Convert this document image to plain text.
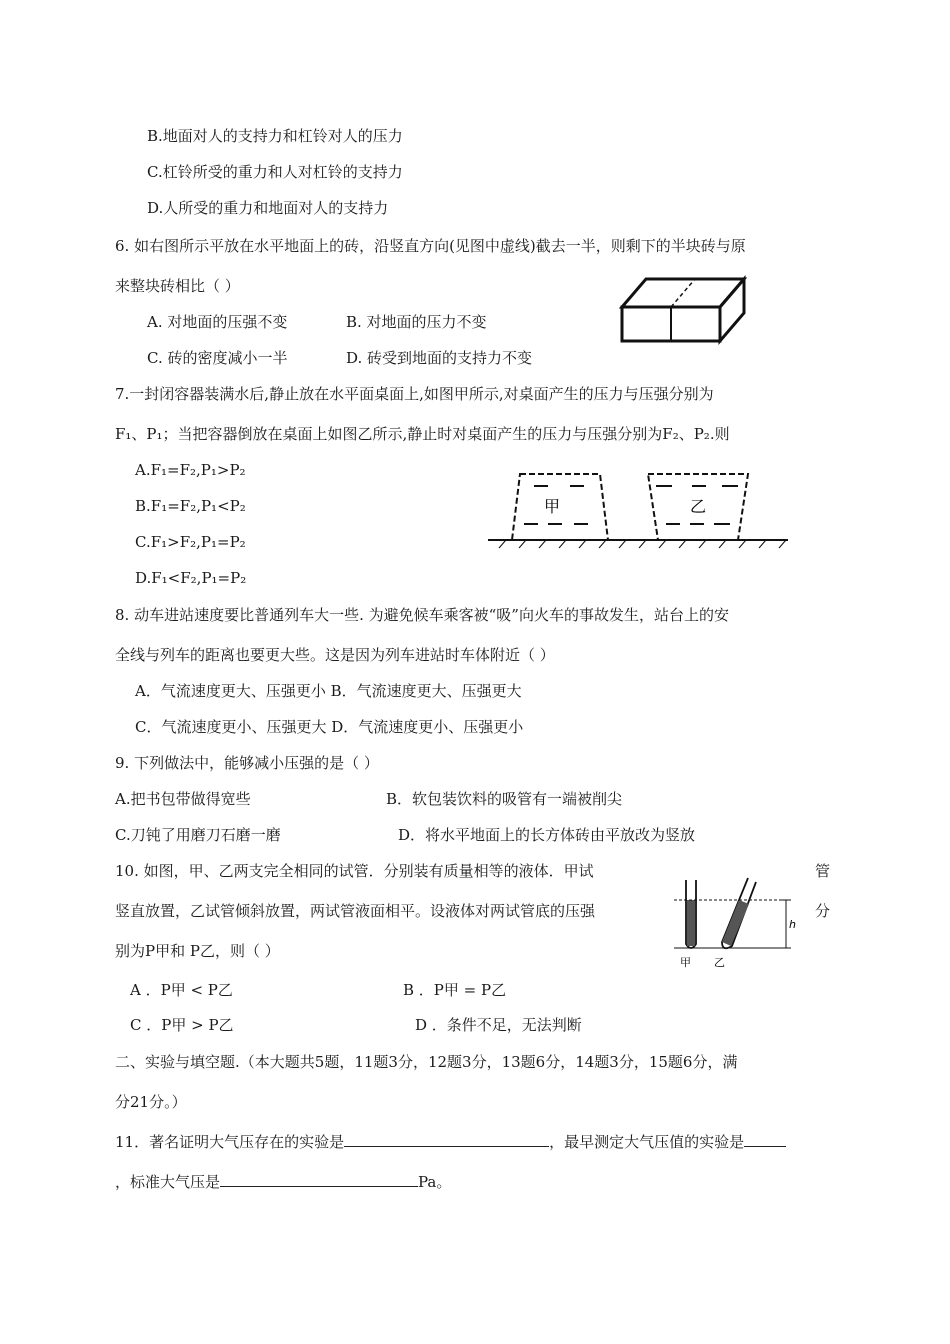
B.地面对人的支持力和杠铃对人的压力
C.杠铃所受的重力和人对杠铃的支持力
D.人所受的重力和地面对人的支持力
6. 如右图所示平放在水平地面上的砖，沿竖直方向(见图中虚线)截去一半，则剩下的半块砖与原
来整块砖相比（ ）
A. 对地面的压强不变	B. 对地面的压力不变
C. 砖的密度减小一半	D. 砖受到地面的支持力不变
7.一封闭容器装满水后,静止放在水平面桌面上,如图甲所示,对桌面产生的压力与压强分别为
F₁、P₁；当把容器倒放在桌面上如图乙所示,静止时对桌面产生的压力与压强分别为F₂、P₂.则
A.F₁=F₂,P₁>P₂
B.F₁=F₂,P₁<P₂
C.F₁>F₂,P₁=P₂
D.F₁<F₂,P₁=P₂
甲	乙
8. 动车进站速度要比普通列车大一些. 为避免候车乘客被“吸”向火车的事故发生，站台上的安
全线与列车的距离也要更大些。这是因为列车进站时车体附近（ ）
A．气流速度更大、压强更小 B．气流速度更大、压强更大
C．气流速度更小、压强更大 D．气流速度更小、压强更小
9. 下列做法中，能够减小压强的是（ ）
A.把书包带做得宽些	B．软包装饮料的吸管有一端被削尖
C.刀钝了用磨刀石磨一磨	D．将水平地面上的长方体砖由平放改为竖放
10. 如图，甲、乙两支完全相同的试管．分别装有质量相等的液体．甲试	管
竖直放置，乙试管倾斜放置，两试管液面相平。设液体对两试管底的压强	分
别为P甲和 P乙，则（ ）
A ．P甲 < P乙	B ．P甲 = P乙
C ．P甲 > P乙	D ．条件不足，无法判断
h
甲 乙
二、实验与填空题.（本大题共5题，11题3分，12题3分，13题6分，14题3分，15题6分，满
分21分。）
11．著名证明大气压存在的实验是	，最早测定大气压值的实验是
，标准大气压是	Pa。
